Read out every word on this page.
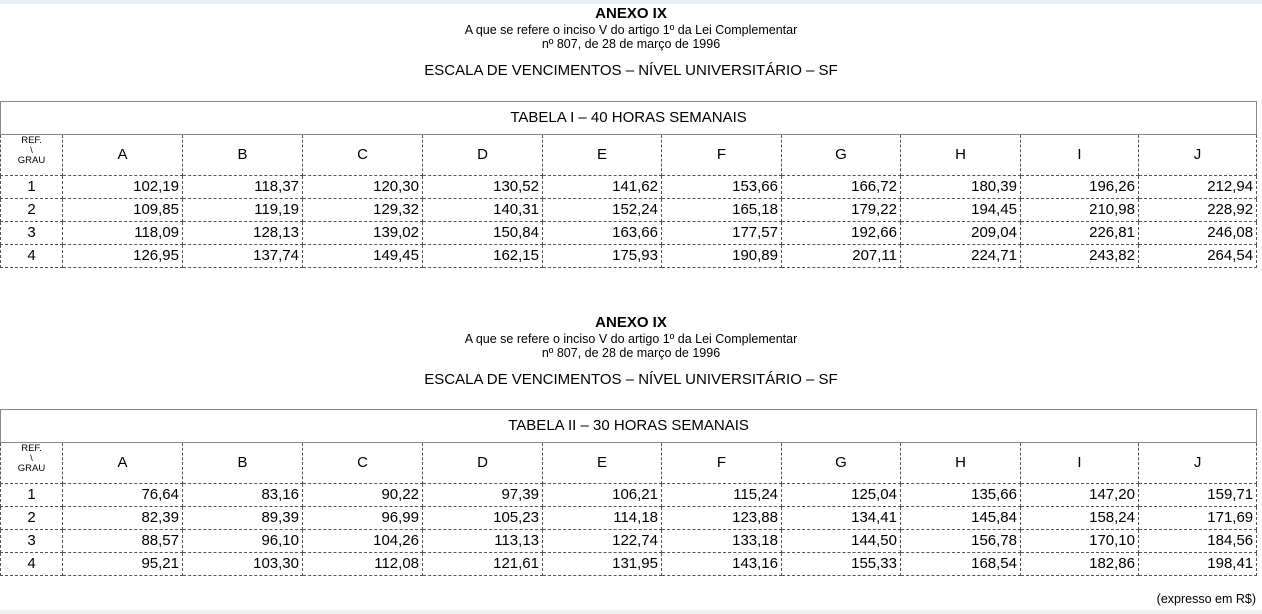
ANEXO IX
A que se refere o inciso V do artigo 1º da Lei Complementar
nº 807, de 28 de março de 1996
ESCALA DE VENCIMENTOS – NÍVEL UNIVERSITÁRIO – SF
TABELA I – 40 HORAS SEMANAIS										

REF.
\
GRAU	A	B	C	D	E	F	G	H	I	J
1	102,19	118,37	120,30	130,52	141,62	153,66	166,72	180,39	196,26	212,94
2	109,85	119,19	129,32	140,31	152,24	165,18	179,22	194,45	210,98	228,92
3	118,09	128,13	139,02	150,84	163,66	177,57	192,66	209,04	226,81	246,08
4	126,95	137,74	149,45	162,15	175,93	190,89	207,11	224,71	243,82	264,54
ANEXO IX
A que se refere o inciso V do artigo 1º da Lei Complementar
nº 807, de 28 de março de 1996
ESCALA DE VENCIMENTOS – NÍVEL UNIVERSITÁRIO – SF
TABELA II – 30 HORAS SEMANAIS										

REF.
\
GRAU	A	B	C	D	E	F	G	H	I	J
1	76,64	83,16	90,22	97,39	106,21	115,24	125,04	135,66	147,20	159,71
2	82,39	89,39	96,99	105,23	114,18	123,88	134,41	145,84	158,24	171,69
3	88,57	96,10	104,26	113,13	122,74	133,18	144,50	156,78	170,10	184,56
4	95,21	103,30	112,08	121,61	131,95	143,16	155,33	168,54	182,86	198,41
(expresso em R$)
